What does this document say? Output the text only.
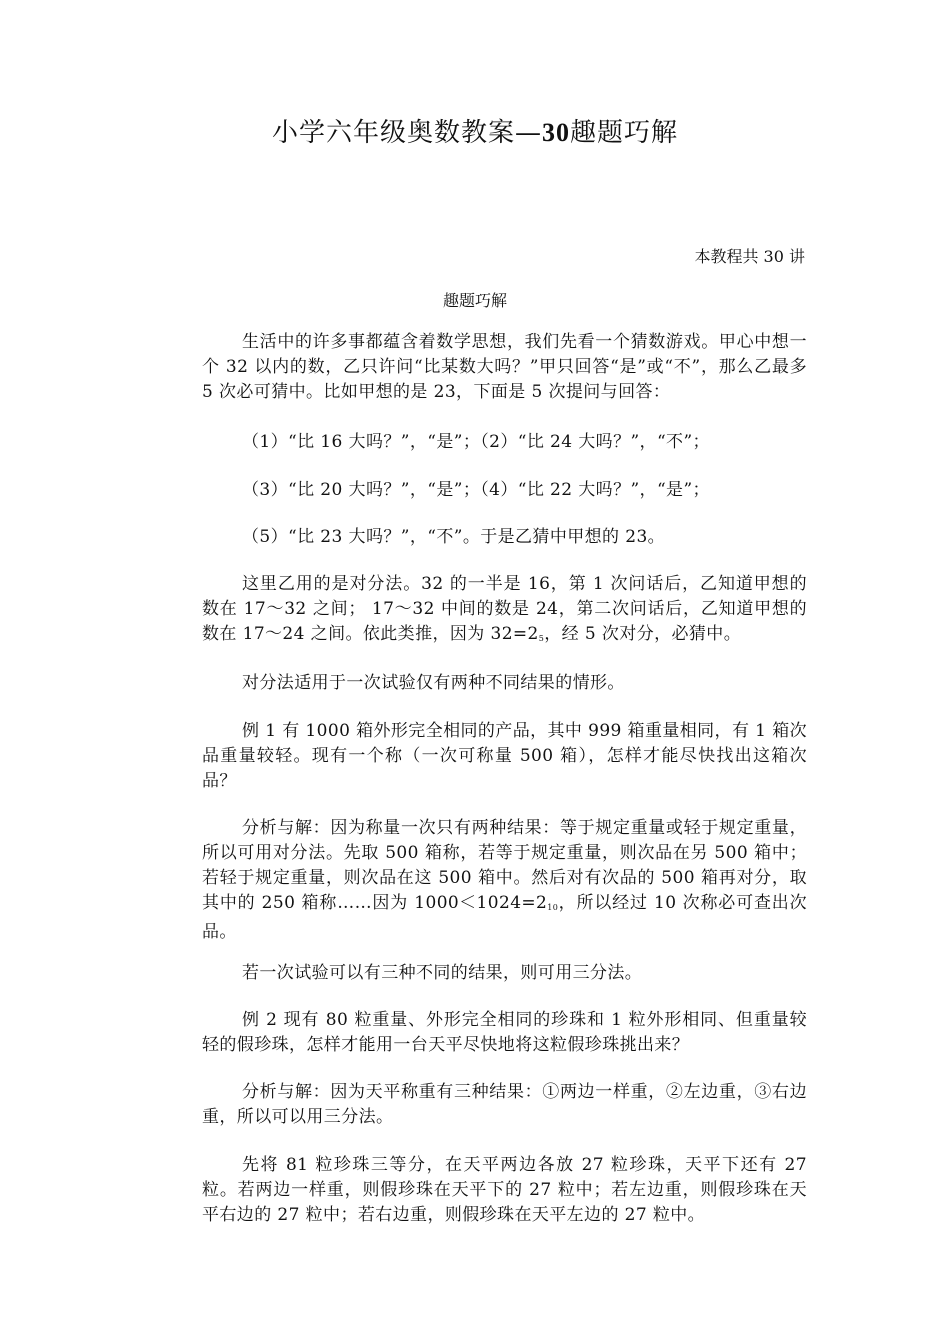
小学六年级奥数教案—30趣题巧解
本教程共 30 讲
趣题巧解
生活中的许多事都蕴含着数学思想，我们先看一个猜数游戏。甲心中想一个 32 以内的数，乙只许问“比某数大吗？”甲只回答“是”或“不”，那么乙最多 5 次必可猜中。比如甲想的是 23，下面是 5 次提问与回答：
（1）“比 16 大吗？”，“是”；（2）“比 24 大吗？”，“不”；
（3）“比 20 大吗？”，“是”；（4）“比 22 大吗？”，“是”；
（5）“比 23 大吗？”，“不”。于是乙猜中甲想的 23。
这里乙用的是对分法。32 的一半是 16，第 1 次问话后，乙知道甲想的数在 17～32 之间； 17～32 中间的数是 24，第二次问话后，乙知道甲想的数在 17～24 之间。依此类推，因为 $32=2_5$，经 5 次对分，必猜中。
对分法适用于一次试验仅有两种不同结果的情形。
例 1 有 1000 箱外形完全相同的产品，其中 999 箱重量相同，有 1 箱次品重量较轻。现有一个称（一次可称量 500 箱），怎样才能尽快找出这箱次品？
分析与解：因为称量一次只有两种结果：等于规定重量或轻于规定重量，所以可用对分法。先取 500 箱称，若等于规定重量，则次品在另 500 箱中；若轻于规定重量，则次品在这 500 箱中。然后对有次品的 500 箱再对分，取其中的 250 箱称……因为 $1000<1024=2_{10}$，所以经过 10 次称必可查出次品。
若一次试验可以有三种不同的结果，则可用三分法。
例 2 现有 80 粒重量、外形完全相同的珍珠和 1 粒外形相同、但重量较轻的假珍珠，怎样才能用一台天平尽快地将这粒假珍珠挑出来？
分析与解：因为天平称重有三种结果：①两边一样重，②左边重，③右边重，所以可以用三分法。
先将 81 粒珍珠三等分，在天平两边各放 27 粒珍珠，天平下还有 27 粒。若两边一样重，则假珍珠在天平下的 27 粒中；若左边重，则假珍珠在天平右边的 27 粒中；若右边重，则假珍珠在天平左边的 27 粒中。
